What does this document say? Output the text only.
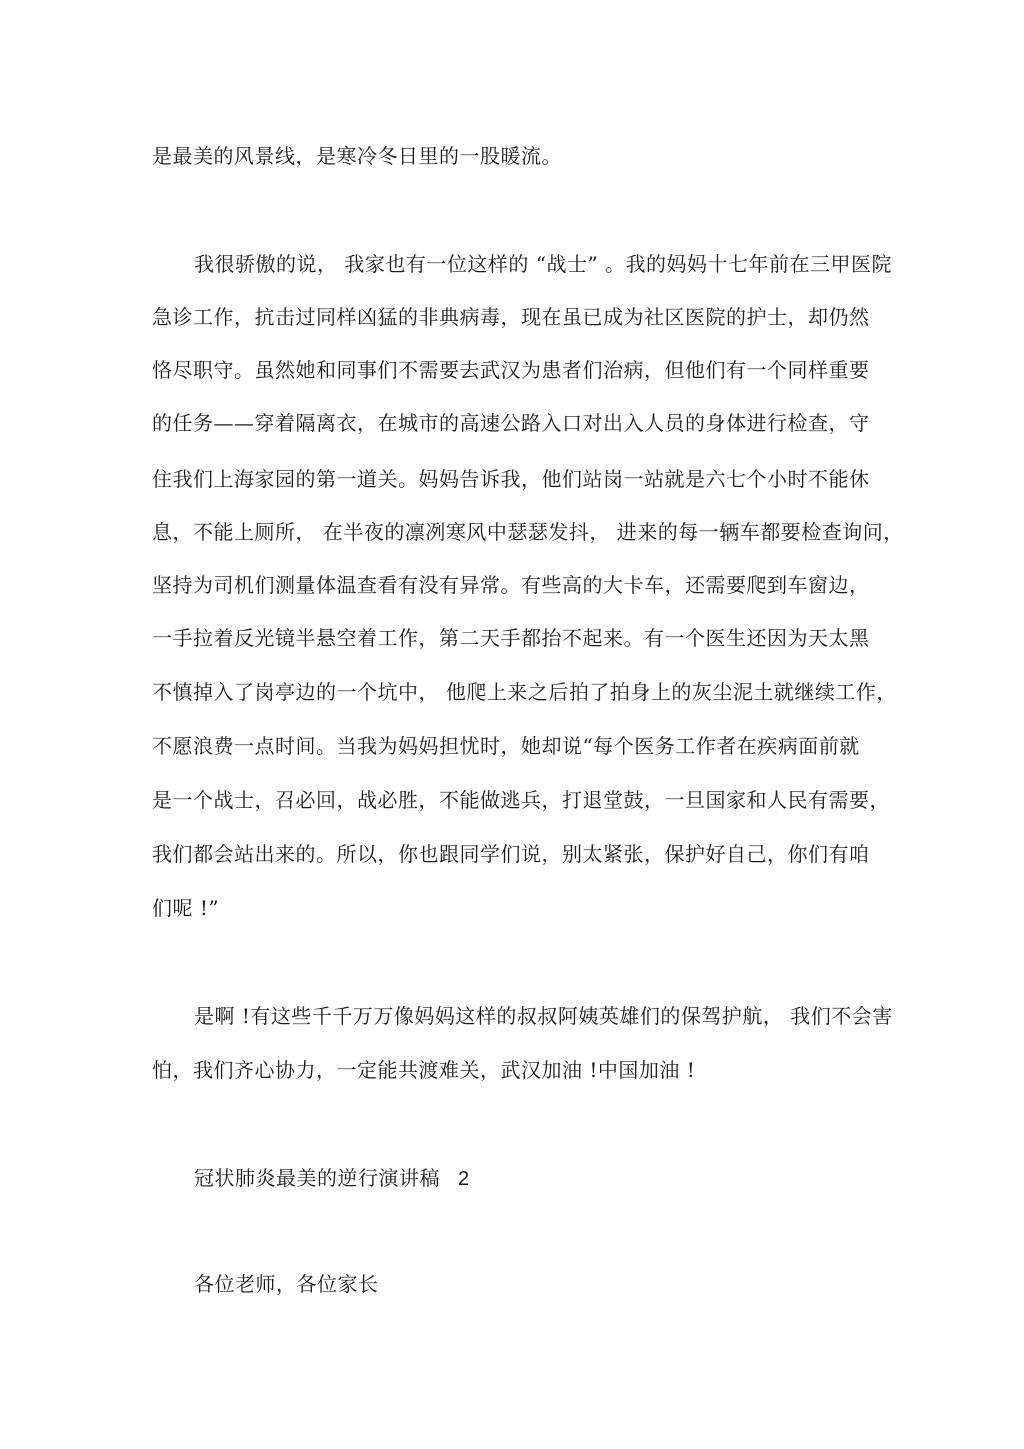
是最美的风景线，是寒冷冬日里的一股暖流。
我很骄傲的说， 我家也有一位这样的 “战士” 。我的妈妈十七年前在三甲医院
急诊工作，抗击过同样凶猛的非典病毒，现在虽已成为社区医院的护士，却仍然
恪尽职守。虽然她和同事们不需要去武汉为患者们治病，但他们有一个同样重要
的任务——穿着隔离衣，在城市的高速公路入口对出入人员的身体进行检查，守
住我们上海家园的第一道关。妈妈告诉我，他们站岗一站就是六七个小时不能休
息，不能上厕所， 在半夜的凛冽寒风中瑟瑟发抖， 进来的每一辆车都要检查询问，
坚持为司机们测量体温查看有没有异常。有些高的大卡车，还需要爬到车窗边，
一手拉着反光镜半悬空着工作，第二天手都抬不起来。有一个医生还因为天太黑
不慎掉入了岗亭边的一个坑中， 他爬上来之后拍了拍身上的灰尘泥土就继续工作，
不愿浪费一点时间。当我为妈妈担忧时，她却说“每个医务工作者在疾病面前就
是一个战士，召必回，战必胜，不能做逃兵，打退堂鼓，一旦国家和人民有需要，
我们都会站出来的。所以，你也跟同学们说，别太紧张，保护好自己，你们有咱
们呢 !”
是啊 !有这些千千万万像妈妈这样的叔叔阿姨英雄们的保驾护航， 我们不会害
怕，我们齐心协力，一定能共渡难关，武汉加油 !中国加油 !
冠状肺炎最美的逆行演讲稿 2
各位老师，各位家长
